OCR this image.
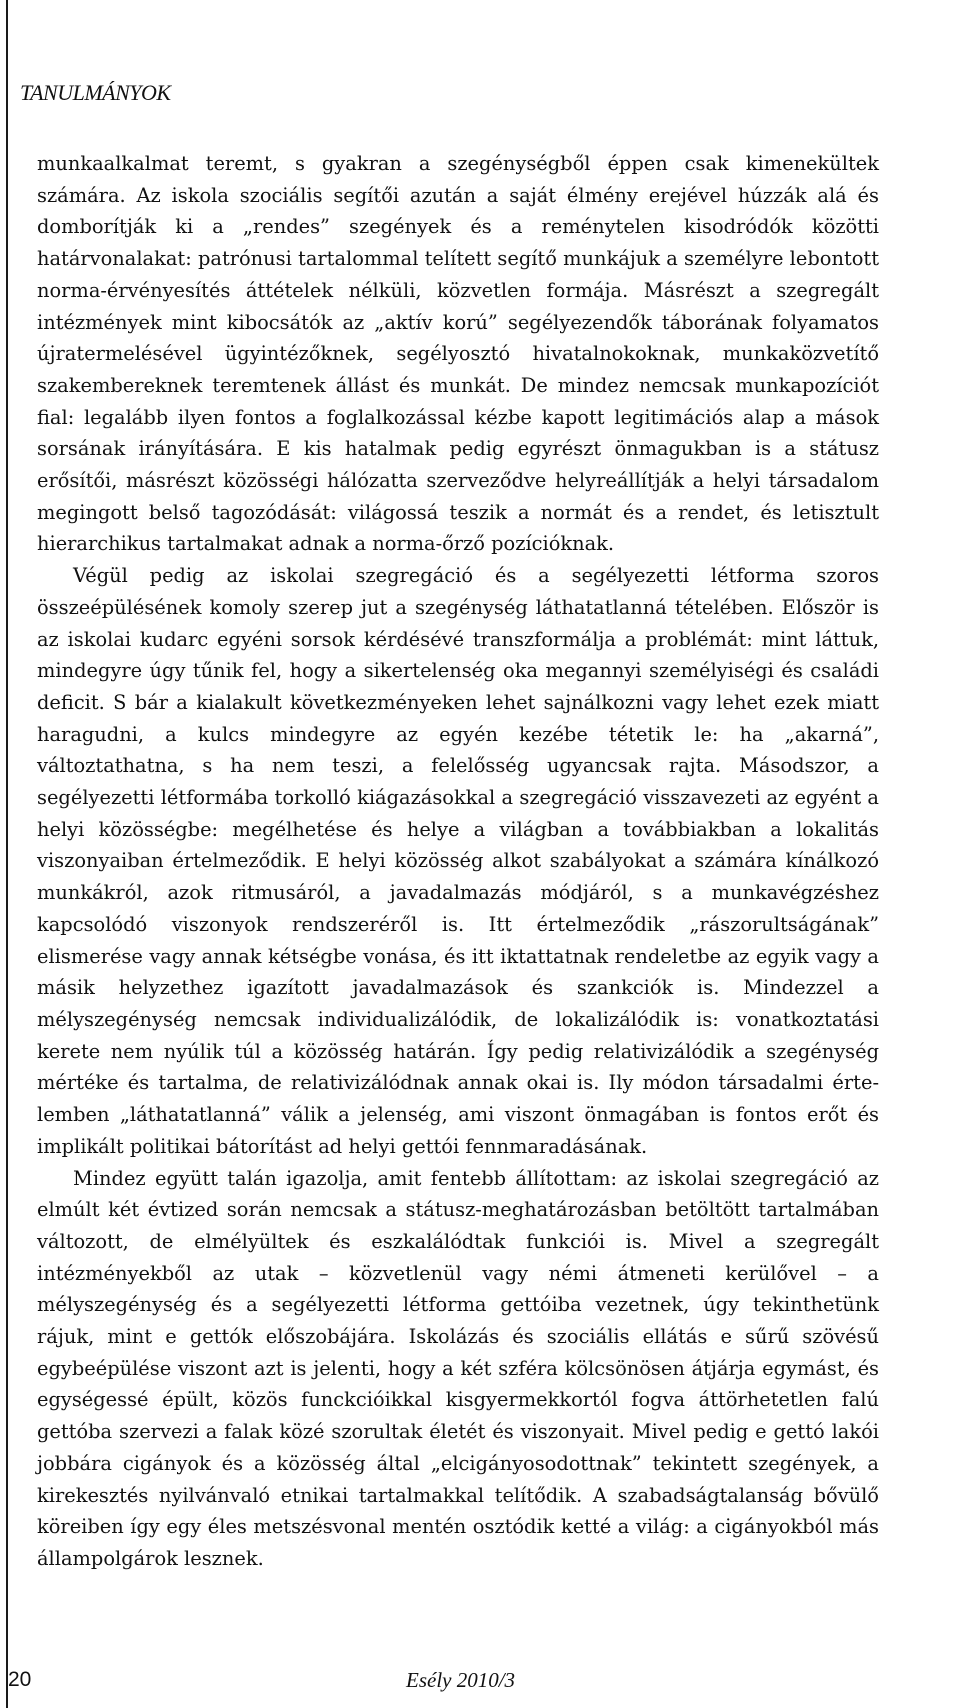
TANULMÁNYOK

munkaalkalmat teremt, s gyakran a szegénységből éppen csak kimenekültek számára. Az iskola szociális segítői azután a saját élmény erejével húzzák alá és domborítják ki a „rendes” szegények és a reménytelen kisodródók közötti határvonalakat: patrónusi tartalommal telített segítő munkájuk a személyre lebontott norma-érvényesítés áttételek nélküli, közvetlen formája. Másrészt a szegregált intézmények mint kibocsátók az „aktív korú” segélyezendők táborának folyamatos újratermelésével ügyintézőknek, segélyosztó hivatalnokoknak, munkaközvetítő szakembereknek teremtenek állást és munkát. De mindez nemcsak munkapozíciót fial: legalább ilyen fontos a foglalkozással kézbe kapott legitimációs alap a mások sorsának irányítására. E kis hatalmak pedig egyrészt önmagukban is a státusz erősítői, másrészt közösségi hálózatta szerveződve helyreállítják a helyi társadalom megingott belső tagozódását: világossá teszik a normát és a rendet, és letisztult hierarchikus tartalmakat adnak a norma-őrző pozícióknak.

Végül pedig az iskolai szegregáció és a segélyezetti létforma szoros összeépülésének komoly szerep jut a szegénység láthatatlanná tételében. Először is az iskolai kudarc egyéni sorsok kérdésévé transzformálja a problémát: mint láttuk, mindegyre úgy tűnik fel, hogy a sikertelenség oka megannyi személyiségi és családi deficit. S bár a kialakult következményeken lehet sajnálkozni vagy lehet ezek miatt haragudni, a kulcs mindegyre az egyén kezébe tétetik le: ha „akarná”, változtathatna, s ha nem teszi, a felelősség ugyancsak rajta. Másodszor, a segélyezetti létformába torkolló kiágazásokkal a szegregáció visszavezeti az egyént a helyi közösségbe: megélhetése és helye a világban a továbbiakban a lokalitás viszonyaiban értelmeződik. E helyi közösség alkot szabályokat a számára kínálkozó munkákról, azok ritmusáról, a javadalmazás módjáról, s a munkavégzéshez kapcsolódó viszonyok rendszeréről is. Itt értelmeződik „rászorultságának” elismerése vagy annak kétségbe vonása, és itt iktattatnak rendeletbe az egyik vagy a másik helyzethez igazított javadalmazások és szankciók is. Mindezzel a mélyszegénység nemcsak individualizálódik, de lokalizálódik is: vonatkoztatási kerete nem nyúlik túl a közösség határán. Így pedig relativizálódik a szegénység mértéke és tartalma, de relativizálódnak annak okai is. Ily módon társadalmi értelemben „láthatatlanná” válik a jelenség, ami viszont önmagában is fontos erőt és implikált politikai bátorítást ad helyi gettói fennmaradásának.

Mindez együtt talán igazolja, amit fentebb állítottam: az iskolai szegregáció az elmúlt két évtized során nemcsak a státusz-meghatározásban betöltött tartalmában változott, de elmélyültek és eszkalálódtak funkciói is. Mivel a szegregált intézményekből az utak – közvetlenül vagy némi átmeneti kerülővel – a mélyszegénység és a segélyezetti létforma gettóiba vezetnek, úgy tekinthetünk rájuk, mint e gettók előszobájára. Iskolázás és szociális ellátás e sűrű szövésű egybeépülése viszont azt is jelenti, hogy a két szféra kölcsönösen átjárja egymást, és egységessé épült, közös funckcióikkal kisgyermekkortól fogva áttörhetetlen falú gettóba szervezi a falak közé szorultak életét és viszonyait. Mivel pedig e gettó lakói jobbára cigányok és a közösség által „elcigányosodottnak” tekintett szegények, a kirekesztés nyilvánvaló etnikai tartalmakkal telítődik. A szabadságtalanság bővülő köreiben így egy éles metszésvonal mentén osztódik ketté a világ: a cigányokból más állampolgárok lesznek.

20	Esély 2010/3
